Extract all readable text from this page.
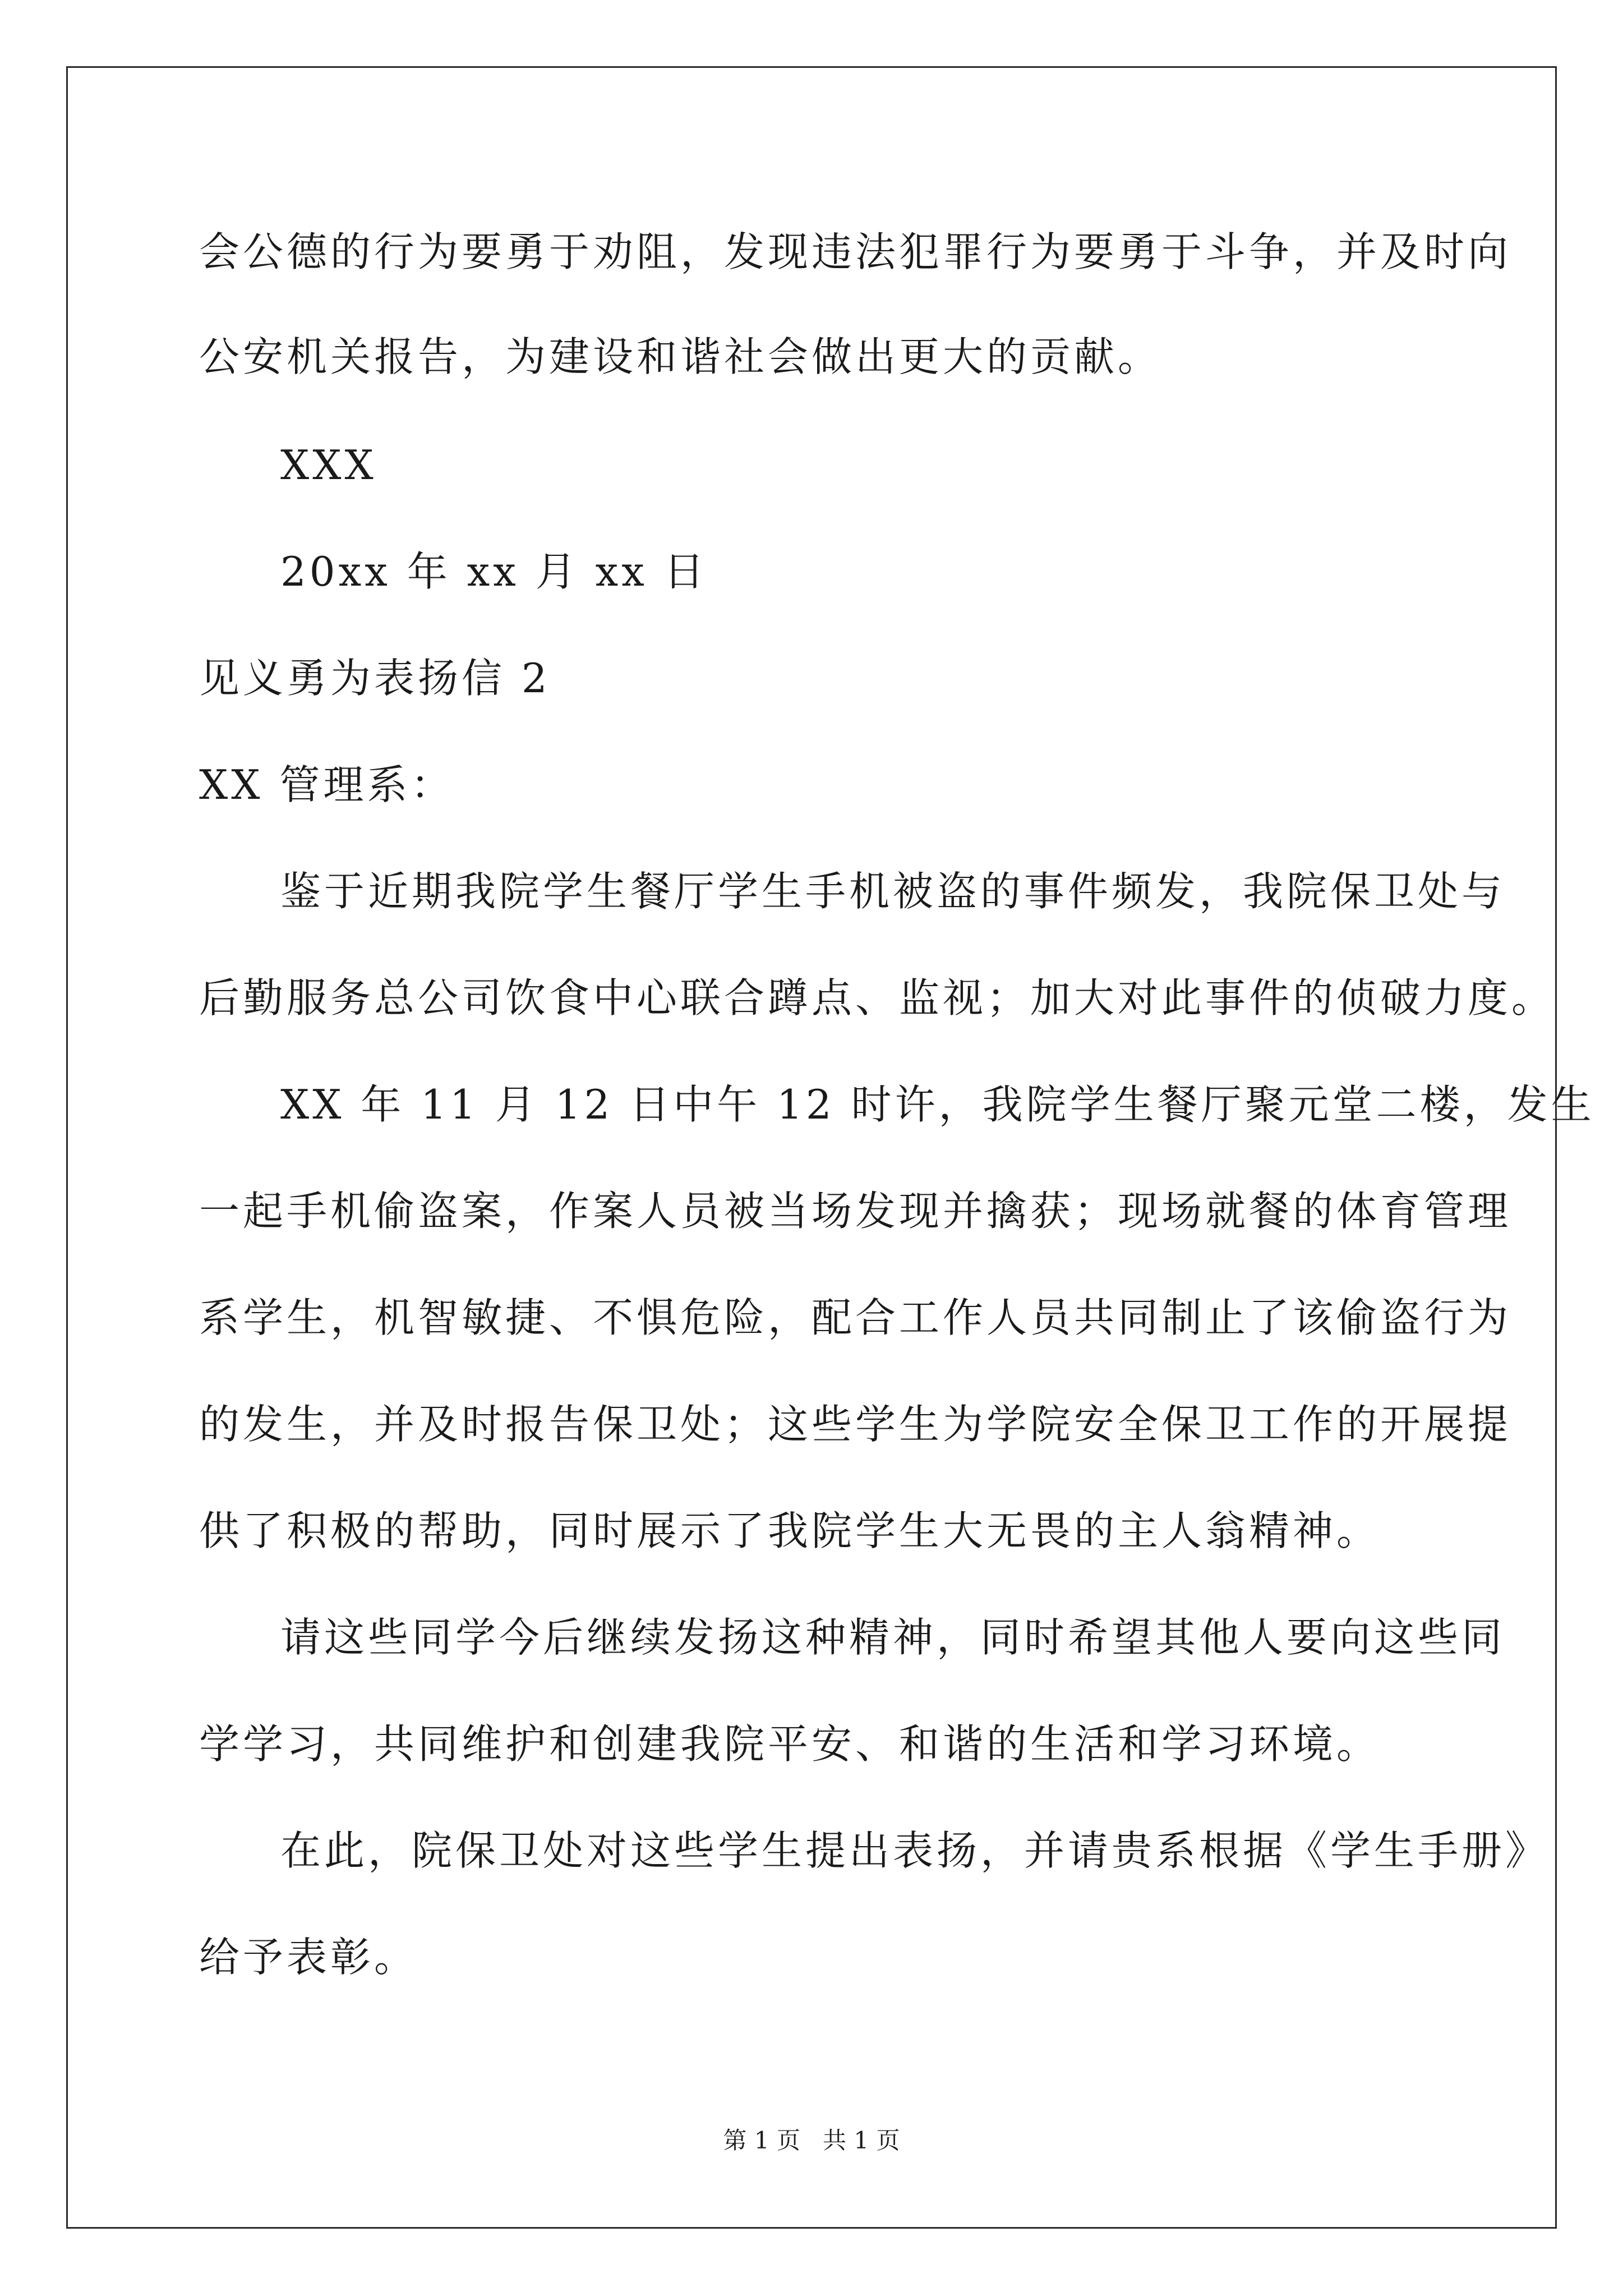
会公德的行为要勇于劝阻，发现违法犯罪行为要勇于斗争，并及时向
公安机关报告，为建设和谐社会做出更大的贡献。
XXX
20xx 年 xx 月 xx 日
见义勇为表扬信 2
XX 管理系：
鉴于近期我院学生餐厅学生手机被盗的事件频发，我院保卫处与
后勤服务总公司饮食中心联合蹲点、监视；加大对此事件的侦破力度。
XX 年 11 月 12 日中午 12 时许，我院学生餐厅聚元堂二楼，发生
一起手机偷盗案，作案人员被当场发现并擒获；现场就餐的体育管理
系学生，机智敏捷、不惧危险，配合工作人员共同制止了该偷盗行为
的发生，并及时报告保卫处；这些学生为学院安全保卫工作的开展提
供了积极的帮助，同时展示了我院学生大无畏的主人翁精神。
请这些同学今后继续发扬这种精神，同时希望其他人要向这些同
学学习，共同维护和创建我院平安、和谐的生活和学习环境。
在此，院保卫处对这些学生提出表扬，并请贵系根据《学生手册》
给予表彰。
第 1 页   共 1 页
